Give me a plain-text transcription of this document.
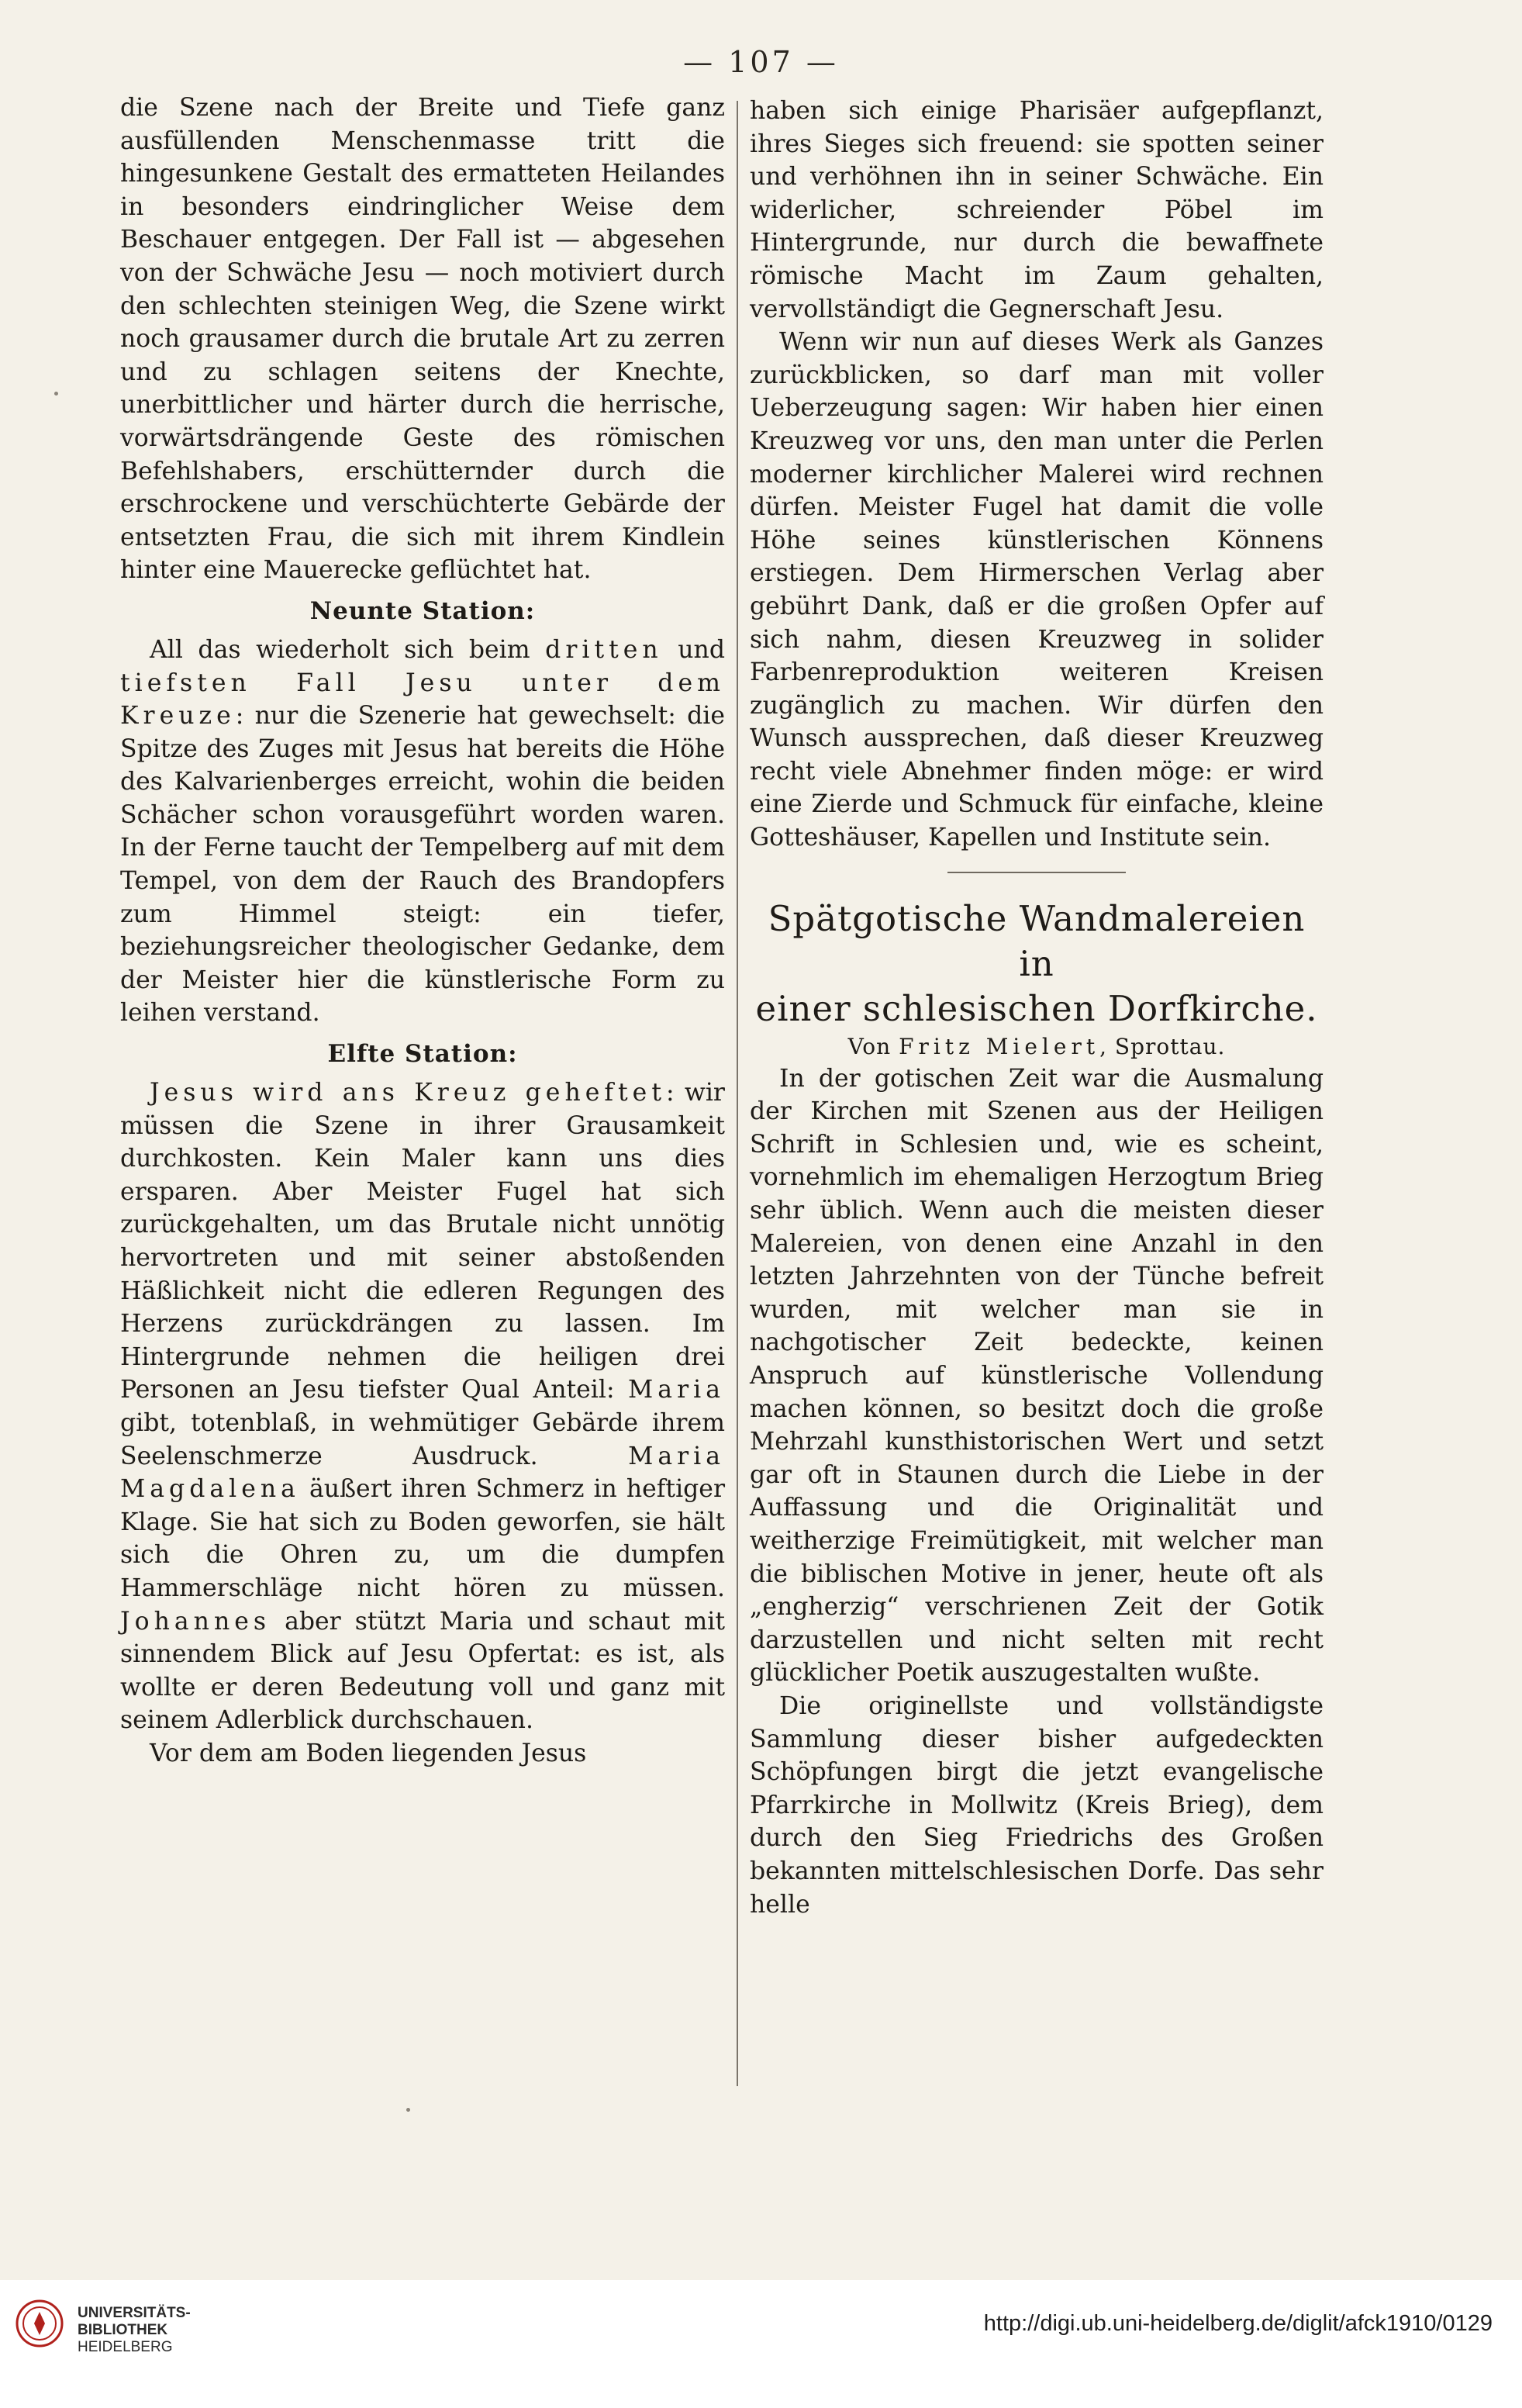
— 107 —

die Szene nach der Breite und Tiefe ganz ausfüllenden Menschenmasse tritt die hingesunkene Gestalt des ermatteten Heilandes in besonders eindringlicher Weise dem Beschauer entgegen. Der Fall ist — abgesehen von der Schwäche Jesu — noch motiviert durch den schlechten steinigen Weg, die Szene wirkt noch grausamer durch die brutale Art zu zerren und zu schlagen seitens der Knechte, unerbittlicher und härter durch die herrische, vorwärtsdrängende Geste des römischen Befehlshabers, erschütternder durch die erschrockene und verschüchterte Gebärde der entsetzten Frau, die sich mit ihrem Kindlein hinter eine Mauerecke geflüchtet hat.

Neunte Station:

All das wiederholt sich beim dritten und tiefsten Fall Jesu unter dem Kreuze: nur die Szenerie hat gewechselt: die Spitze des Zuges mit Jesus hat bereits die Höhe des Kalvarienberges erreicht, wohin die beiden Schächer schon vorausgeführt worden waren. In der Ferne taucht der Tempelberg auf mit dem Tempel, von dem der Rauch des Brandopfers zum Himmel steigt: ein tiefer, beziehungsreicher theologischer Gedanke, dem der Meister hier die künstlerische Form zu leihen verstand.

Elfte Station:

Jesus wird ans Kreuz geheftet: wir müssen die Szene in ihrer Grausamkeit durchkosten. Kein Maler kann uns dies ersparen. Aber Meister Fugel hat sich zurückgehalten, um das Brutale nicht unnötig hervortreten und mit seiner abstoßenden Häßlichkeit nicht die edleren Regungen des Herzens zurückdrängen zu lassen. Im Hintergrunde nehmen die heiligen drei Personen an Jesu tiefster Qual Anteil: Maria gibt, totenblaß, in wehmütiger Gebärde ihrem Seelenschmerze Ausdruck.	Maria Magdalena äußert ihren Schmerz in heftiger Klage. Sie hat sich zu Boden geworfen, sie hält sich die Ohren zu, um die dumpfen Hammerschläge nicht hören zu müssen. Johannes aber stützt Maria und schaut mit sinnendem Blick auf Jesu Opfertat: es ist, als wollte er deren Bedeutung voll und ganz mit seinem Adlerblick durchschauen.

Vor dem am Boden liegenden Jesus

haben sich einige Pharisäer aufgepflanzt, ihres Sieges sich freuend: sie spotten seiner und verhöhnen ihn in seiner Schwäche. Ein widerlicher, schreiender Pöbel im Hintergrunde, nur durch die bewaffnete römische Macht im Zaum gehalten, vervollständigt die Gegnerschaft Jesu.

Wenn wir nun auf dieses Werk als Ganzes zurückblicken, so darf man mit voller Ueberzeugung sagen: Wir haben hier einen Kreuzweg vor uns, den man unter die Perlen moderner kirchlicher Malerei wird rechnen dürfen. Meister Fugel hat damit die volle Höhe seines künstlerischen Könnens erstiegen. Dem Hirmerschen Verlag aber gebührt Dank, daß er die großen Opfer auf sich nahm, diesen Kreuzweg in solider Farbenreproduktion weiteren Kreisen zugänglich zu machen. Wir dürfen den Wunsch aussprechen, daß dieser Kreuzweg recht viele Abnehmer finden möge: er wird eine Zierde und Schmuck für einfache, kleine Gotteshäuser, Kapellen und Institute sein.

Spätgotische Wandmalereien in
einer schlesischen Dorfkirche.

Von Fritz Mielert, Sprottau.

In der gotischen Zeit war die Ausmalung der Kirchen mit Szenen aus der Heiligen Schrift in Schlesien und, wie es scheint, vornehmlich im ehemaligen Herzogtum Brieg sehr üblich. Wenn auch die meisten dieser Malereien, von denen eine Anzahl in den letzten Jahrzehnten von der Tünche befreit wurden, mit welcher man sie in nachgotischer Zeit bedeckte, keinen Anspruch auf künstlerische Vollendung machen können, so besitzt doch die große Mehrzahl kunsthistorischen Wert und setzt gar oft in Staunen durch die Liebe in der Auffassung und die Originalität und weitherzige Freimütigkeit, mit welcher man die biblischen Motive in jener, heute oft als „engherzig“ verschrienen Zeit der Gotik darzustellen und nicht selten mit recht glücklicher Poetik auszugestalten wußte.

Die originellste und vollständigste Sammlung dieser bisher aufgedeckten Schöpfungen birgt die jetzt evangelische Pfarrkirche in Mollwitz (Kreis Brieg), dem durch den Sieg Friedrichs des Großen bekannten mittelschlesischen Dorfe. Das sehr helle

UNIVERSITÄTS-
BIBLIOTHEK
HEIDELBERG
http://digi.ub.uni-heidelberg.de/diglit/afck1910/0129
